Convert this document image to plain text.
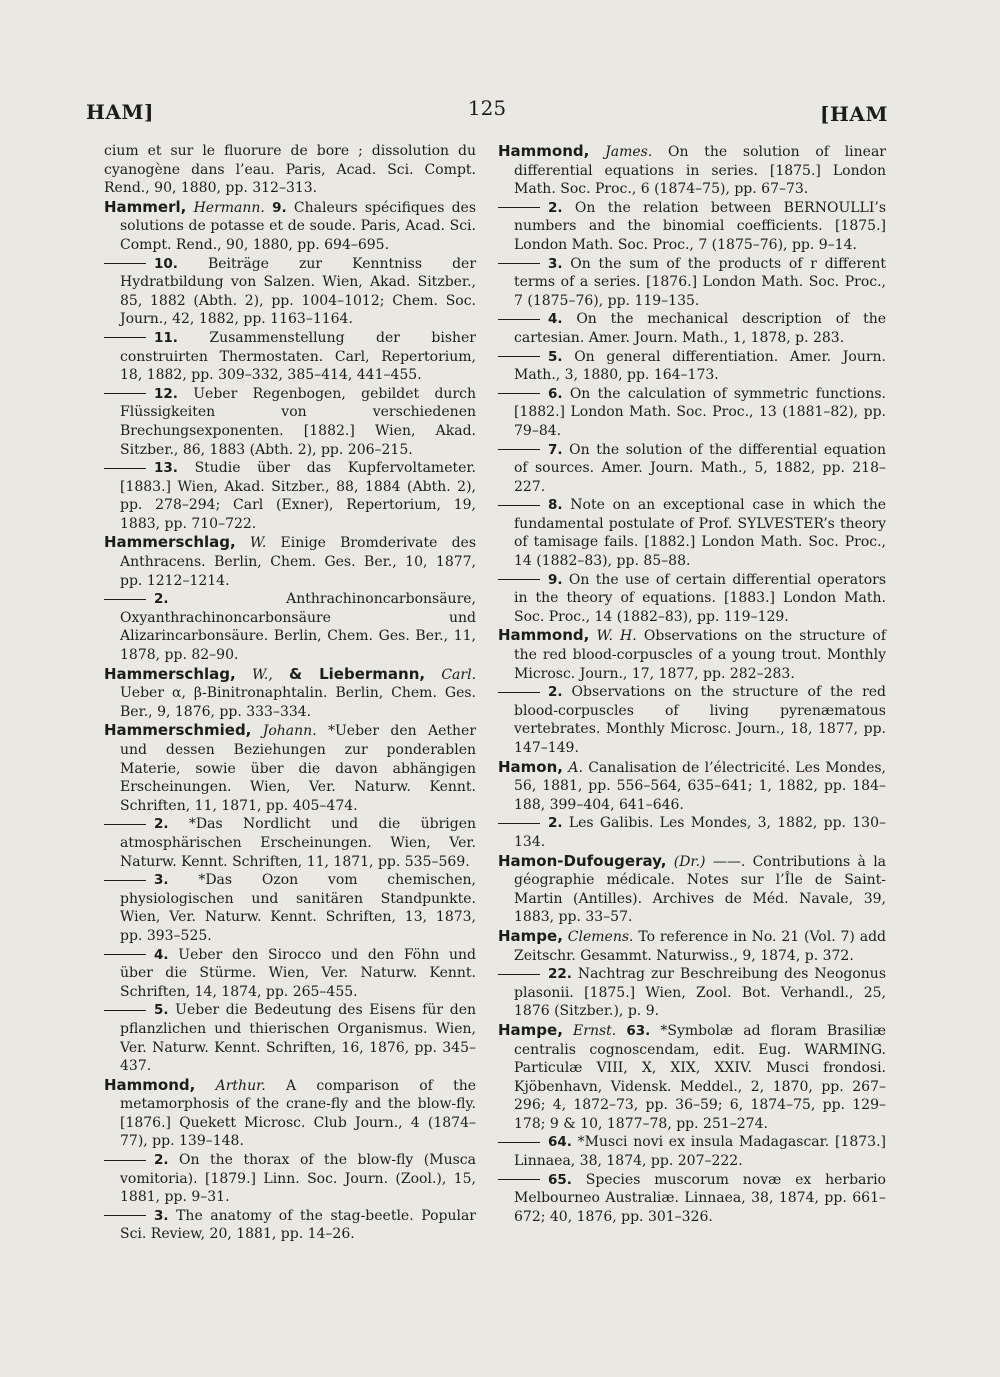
HAM]	125	[HAM
cium et sur le fluorure de bore ; dissolution du cyanogène dans l’eau. Paris, Acad. Sci. Compt. Rend., 90, 1880, pp. 312–313.
Hammerl, Hermann. 9. Chaleurs spécifiques des solutions de potasse et de soude. Paris, Acad. Sci. Compt. Rend., 90, 1880, pp. 694–695.
10. Beiträge zur Kenntniss der Hydratbildung von Salzen. Wien, Akad. Sitzber., 85, 1882 (Abth. 2), pp. 1004–1012; Chem. Soc. Journ., 42, 1882, pp. 1163–1164.
11. Zusammenstellung der bisher construirten Thermostaten. Carl, Repertorium, 18, 1882, pp. 309–332, 385–414, 441–455.
12. Ueber Regenbogen, gebildet durch Flüssigkeiten von verschiedenen Brechungsexponenten. [1882.] Wien, Akad. Sitzber., 86, 1883 (Abth. 2), pp. 206–215.
13. Studie über das Kupfervoltameter. [1883.] Wien, Akad. Sitzber., 88, 1884 (Abth. 2), pp. 278–294; Carl (Exner), Repertorium, 19, 1883, pp. 710–722.
Hammerschlag, W. Einige Bromderivate des Anthracens. Berlin, Chem. Ges. Ber., 10, 1877, pp. 1212–1214.
2.	Anthrachinoncarbonsäure, Oxyanthrachinoncarbonsäure und Alizarincarbonsäure. Berlin, Chem. Ges. Ber., 11, 1878, pp. 82–90.
Hammerschlag, W., & Liebermann, Carl. Ueber α, β-Binitronaphtalin. Berlin, Chem. Ges. Ber., 9, 1876, pp. 333–334.
Hammerschmied, Johann. *Ueber den Aether und dessen Beziehungen zur ponderablen Materie, sowie über die davon abhängigen Erscheinungen. Wien, Ver. Naturw. Kennt. Schriften, 11, 1871, pp. 405–474.
2. *Das Nordlicht und die übrigen atmosphärischen Erscheinungen. Wien, Ver. Naturw. Kennt. Schriften, 11, 1871, pp. 535–569.
3. *Das Ozon vom chemischen, physiologischen und sanitären Standpunkte. Wien, Ver. Naturw. Kennt. Schriften, 13, 1873, pp. 393–525.
4. Ueber den Sirocco und den Föhn und über die Stürme. Wien, Ver. Naturw. Kennt. Schriften, 14, 1874, pp. 265–455.
5. Ueber die Bedeutung des Eisens für den pflanzlichen und thierischen Organismus. Wien, Ver. Naturw. Kennt. Schriften, 16, 1876, pp. 345–437.
Hammond, Arthur. A comparison of the metamorphosis of the crane-fly and the blow-fly. [1876.] Quekett Microsc. Club Journ., 4 (1874–77), pp. 139–148.
2. On the thorax of the blow-fly (Musca vomitoria). [1879.] Linn. Soc. Journ. (Zool.), 15, 1881, pp. 9–31.
3. The anatomy of the stag-beetle. Popular Sci. Review, 20, 1881, pp. 14–26.
Hammond, James. On the solution of linear differential equations in series. [1875.] London Math. Soc. Proc., 6 (1874–75), pp. 67–73.
2. On the relation between BERNOULLI’s numbers and the binomial coefficients. [1875.] London Math. Soc. Proc., 7 (1875–76), pp. 9–14.
3. On the sum of the products of r different terms of a series. [1876.] London Math. Soc. Proc., 7 (1875–76), pp. 119–135.
4. On the mechanical description of the cartesian. Amer. Journ. Math., 1, 1878, p. 283.
5. On general differentiation. Amer. Journ. Math., 3, 1880, pp. 164–173.
6. On the calculation of symmetric functions. [1882.] London Math. Soc. Proc., 13 (1881–82), pp. 79–84.
7. On the solution of the differential equation of sources. Amer. Journ. Math., 5, 1882, pp. 218–227.
8. Note on an exceptional case in which the fundamental postulate of Prof. SYLVESTER’s theory of tamisage fails. [1882.] London Math. Soc. Proc., 14 (1882–83), pp. 85–88.
9. On the use of certain differential operators in the theory of equations. [1883.] London Math. Soc. Proc., 14 (1882–83), pp. 119–129.
Hammond, W. H. Observations on the structure of the red blood-corpuscles of a young trout. Monthly Microsc. Journ., 17, 1877, pp. 282–283.
2. Observations on the structure of the red blood-corpuscles of living pyrenæmatous vertebrates. Monthly Microsc. Journ., 18, 1877, pp. 147–149.
Hamon, A. Canalisation de l’électricité. Les Mondes, 56, 1881, pp. 556–564, 635–641; 1, 1882, pp. 184–188, 399–404, 641–646.
2. Les Galibis. Les Mondes, 3, 1882, pp. 130–134.
Hamon-Dufougeray, (Dr.) ——. Contributions à la géographie médicale. Notes sur l’Île de Saint-Martin (Antilles). Archives de Méd. Navale, 39, 1883, pp. 33–57.
Hampe, Clemens. To reference in No. 21 (Vol. 7) add Zeitschr. Gesammt. Naturwiss., 9, 1874, p. 372.
22. Nachtrag zur Beschreibung des Neogonus plasonii. [1875.] Wien, Zool. Bot. Verhandl., 25, 1876 (Sitzber.), p. 9.
Hampe, Ernst. 63. *Symbolæ ad floram Brasiliæ centralis cognoscendam, edit. Eug. WARMING. Particulæ VIII, X, XIX, XXIV. Musci frondosi. Kjöbenhavn, Vidensk. Meddel., 2, 1870, pp. 267–296; 4, 1872–73, pp. 36–59; 6, 1874–75, pp. 129–178; 9 & 10, 1877–78, pp. 251–274.
64. *Musci novi ex insula Madagascar. [1873.] Linnaea, 38, 1874, pp. 207–222.
65. Species muscorum novæ ex herbario Melbourneo Australiæ. Linnaea, 38, 1874, pp. 661–672; 40, 1876, pp. 301–326.
